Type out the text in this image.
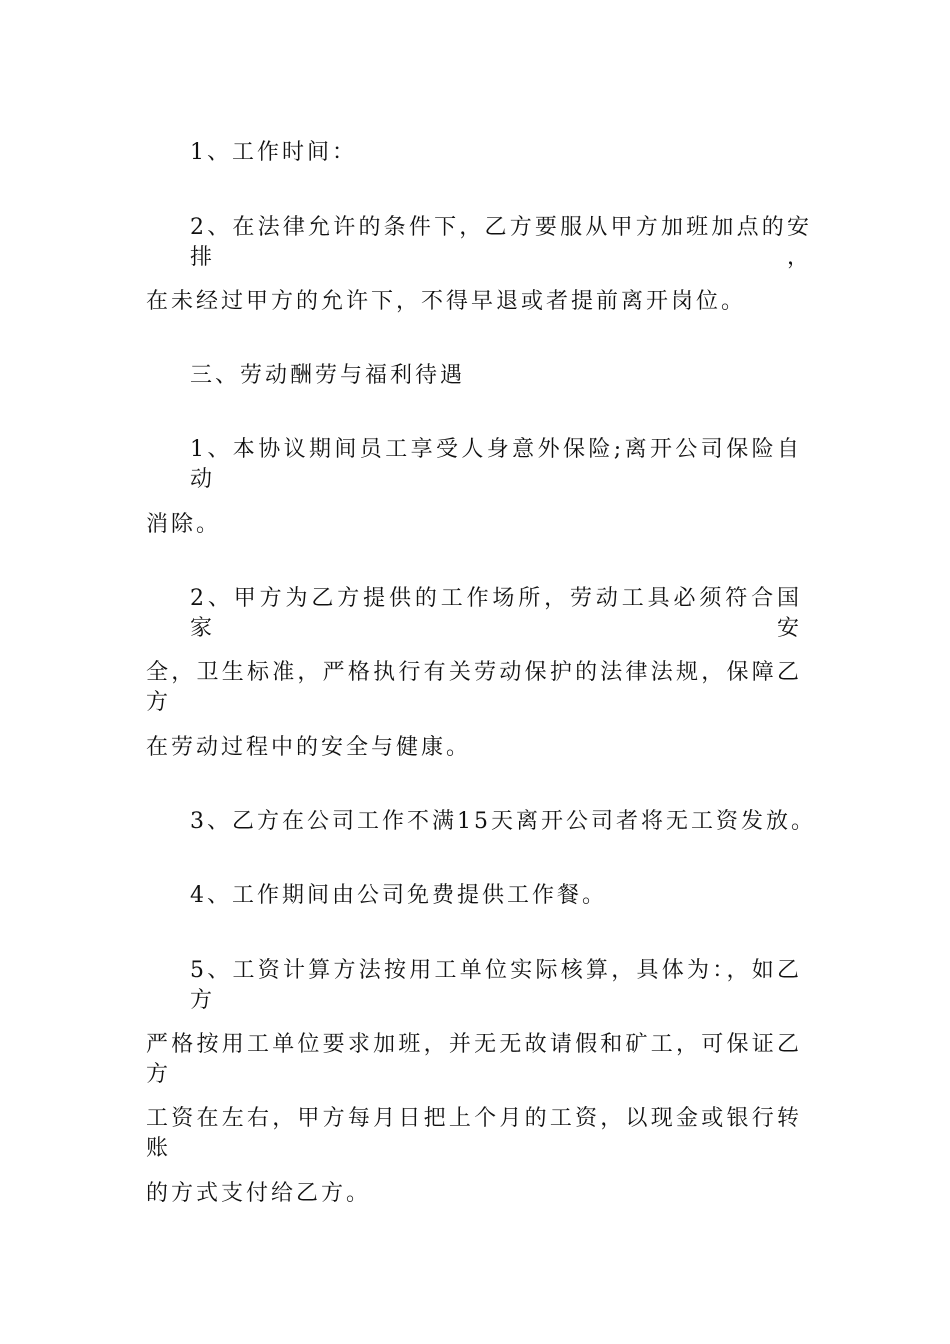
1、工作时间：
2、在法律允许的条件下，乙方要服从甲方加班加点的安排，
在未经过甲方的允许下，不得早退或者提前离开岗位。
三、劳动酬劳与福利待遇
1、本协议期间员工享受人身意外保险;离开公司保险自动
消除。
2、甲方为乙方提供的工作场所，劳动工具必须符合国家安
全，卫生标准，严格执行有关劳动保护的法律法规，保障乙方
在劳动过程中的安全与健康。
3、乙方在公司工作不满15天离开公司者将无工资发放。
4、工作期间由公司免费提供工作餐。
5、工资计算方法按用工单位实际核算，具体为：，如乙方
严格按用工单位要求加班，并无无故请假和矿工，可保证乙方
工资在左右，甲方每月日把上个月的工资，以现金或银行转账
的方式支付给乙方。
